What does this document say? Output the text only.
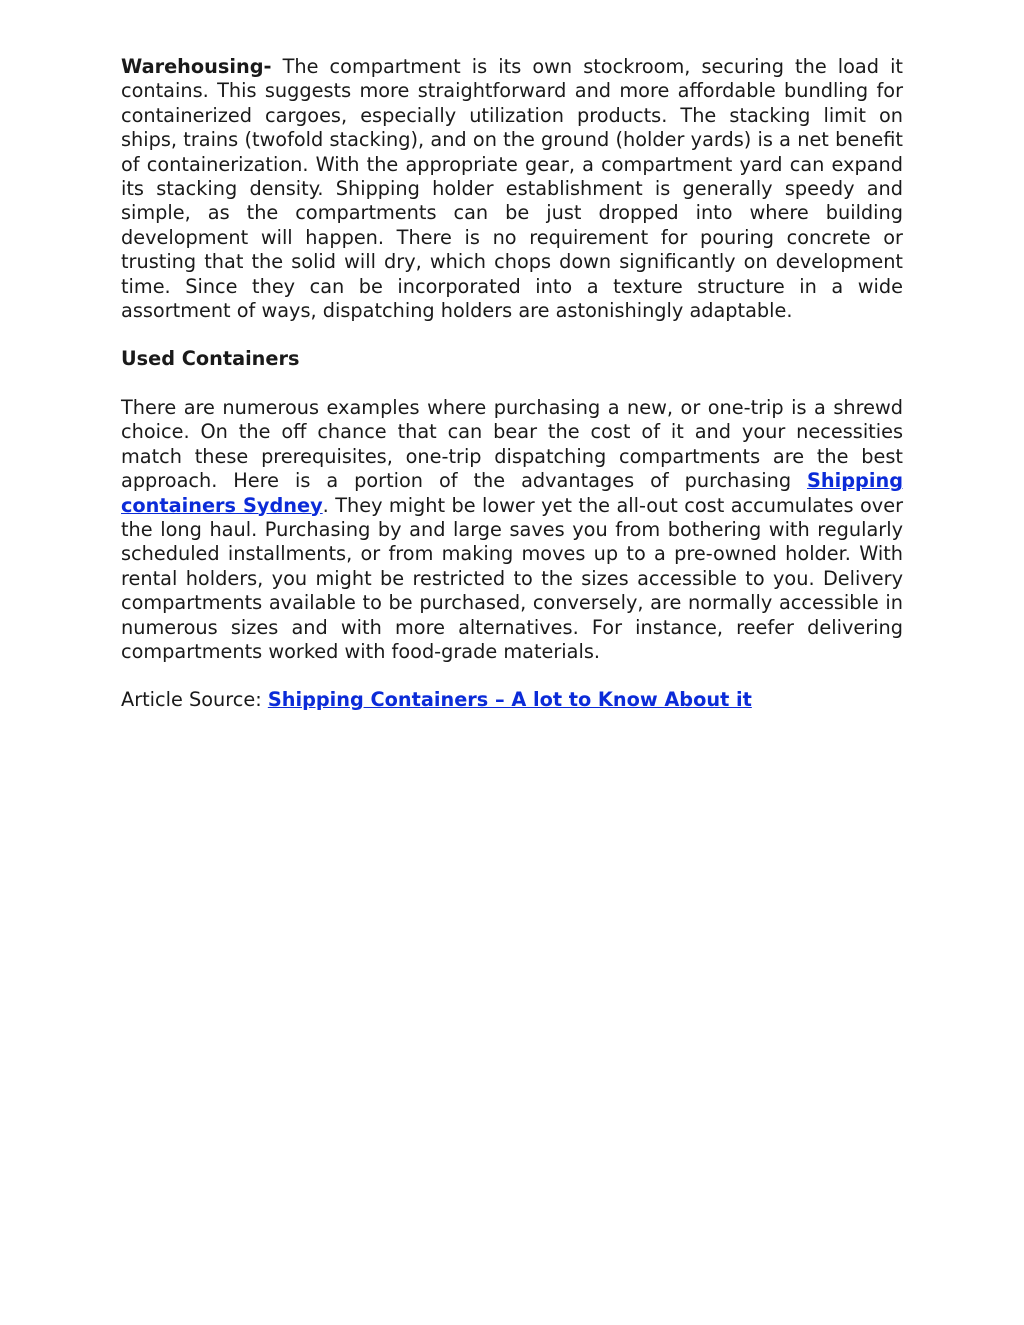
Warehousing- The compartment is its own stockroom, securing the load it contains. This suggests more straightforward and more affordable bundling for containerized cargoes, especially utilization products. The stacking limit on ships, trains (twofold stacking), and on the ground (holder yards) is a net benefit of containerization. With the appropriate gear, a compartment yard can expand its stacking density. Shipping holder establishment is generally speedy and simple, as the compartments can be just dropped into where building development will happen. There is no requirement for pouring concrete or trusting that the solid will dry, which chops down significantly on development time. Since they can be incorporated into a texture structure in a wide assortment of ways, dispatching holders are astonishingly adaptable.

Used Containers

There are numerous examples where purchasing a new, or one-trip is a shrewd choice. On the off chance that can bear the cost of it and your necessities match these prerequisites, one-trip dispatching compartments are the best approach. Here is a portion of the advantages of purchasing Shipping containers Sydney. They might be lower yet the all-out cost accumulates over the long haul. Purchasing by and large saves you from bothering with regularly scheduled installments, or from making moves up to a pre-owned holder. With rental holders, you might be restricted to the sizes accessible to you. Delivery compartments available to be purchased, conversely, are normally accessible in numerous sizes and with more alternatives. For instance, reefer delivering compartments worked with food-grade materials.

Article Source: Shipping Containers – A lot to Know About it
